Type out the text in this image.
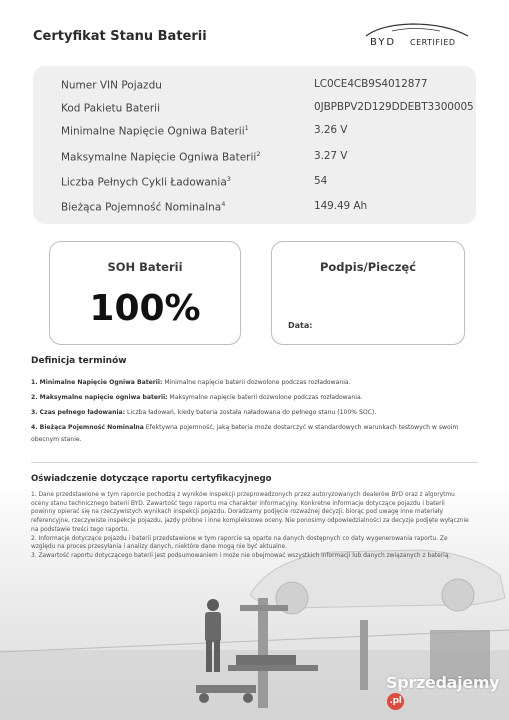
Certyfikat Stanu Baterii	BYD CERTIFIED
Numer VIN Pojazdu	LC0CE4CB9S4012877
Kod Pakietu Baterii	0JBPBPV2D129DDEBT3300005
Minimalne Napięcie Ogniwa Baterii$^1$	3.26 V
Maksymalne Napięcie Ogniwa Baterii$^2$	3.27 V
Liczba Pełnych Cykli Ładowania$^3$	54
Bieżąca Pojemność Nominalna$^4$	149.49 Ah
SOH Baterii
100%
Podpis/Pieczęć
Data:
Definicja terminów
1. Minimalne Napięcie Ogniwa Baterii: Minimalne napięcie baterii dozwolone podczas rozładowania.
2. Maksymalne napięcie ogniwa baterii: Maksymalne napięcie baterii dozwolone podczas rozładowania.
3. Czas pełnego ładowania: Liczba ładowań, kiedy bateria została naładowana do pełnego stanu (100% SOC).
4. Bieżąca Pojemność Nominalna Efektywna pojemność, jaką bateria może dostarczyć w standardowych warunkach testowych w swoim obecnym stanie.
Oświadczenie dotyczące raportu certyfikacyjnego

1. Dane przedstawione w tym raporcie pochodzą z wyników inspekcji przeprowadzonych przez autoryzowanych dealerów BYD oraz z algorytmu oceny stanu technicznego baterii BYD. Zawartość tego raportu ma charakter informacyjny. Konkretne informacje dotyczące pojazdu i baterii powinny opierać się na rzeczywistych wynikach inspekcji pojazdu. Doradzamy podjęcie rozważnej decyzji, biorąc pod uwagę inne materiały referencyjne, rzeczywiste inspekcje pojazdu, jazdy próbne i inne kompleksowe oceny. Nie ponosimy odpowiedzialności za decyzje podjęte wyłącznie na podstawie treści tego raportu.

2. Informacje dotyczące pojazdu i baterii przedstawione w tym raporcie są oparte na danych dostępnych co daty wygenerowania raportu. Ze względu na proces przesyłania i analizy danych, niektóre dane mogą nie być aktualne.

3. Zawartość raportu dotyczącego baterii jest podsumowaniem i może nie obejmować wszystkich informacji lub danych związanych z baterią.

Sprzedajemy.pl
